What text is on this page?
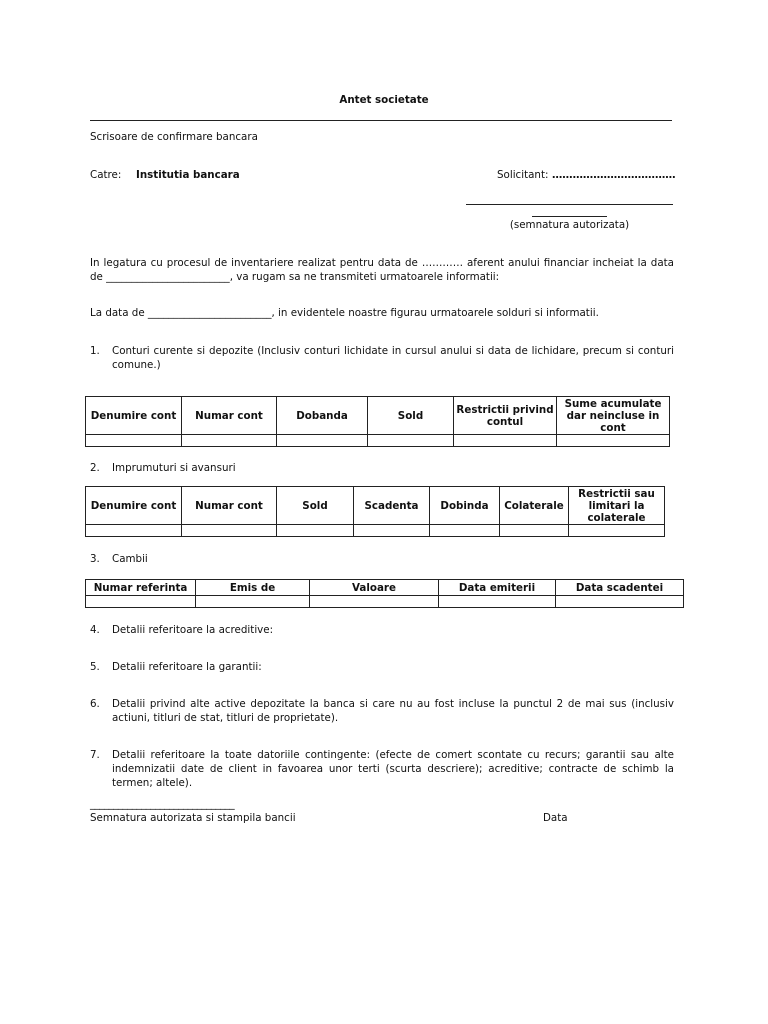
Antet societate
Scrisoare de confirmare bancara
Catre: Institutia bancara	Solicitant: ………………………………
(semnatura autorizata)
In legatura cu procesul de inventariere realizat pentru data de ………… aferent anului financiar incheiat la data de ________________________, va rugam sa ne transmiteti urmatoarele informatii:
La data de ________________________, in evidentele noastre figurau urmatoarele solduri si informatii.
1. Conturi curente si depozite (Inclusiv conturi lichidate in cursul anului si data de lichidare, precum si conturi comune.)
Denumire cont	Numar cont	Dobanda	Sold	Restrictii privind contul	Sume acumulate dar neincluse in cont

2. Imprumuturi si avansuri
Denumire cont	Numar cont	Sold	Scadenta	Dobinda	Colaterale	Restrictii sau limitari la colaterale

3. Cambii
Numar referinta	Emis de	Valoare	Data emiterii	Data scadentei

4. Detalii referitoare la acreditive:
5. Detalii referitoare la garantii:
6. Detalii privind alte active depozitate la banca si care nu au fost incluse la punctul 2 de mai sus (inclusiv actiuni, titluri de stat, titluri de proprietate).
7. Detalii referitoare la toate datoriile contingente: (efecte de comert scontate cu recurs; garantii sau alte indemnizatii date de client in favoarea unor terti (scurta descriere); acreditive; contracte de schimb la termen; altele).
_______________________________
Semnatura autorizata si stampila bancii	Data
